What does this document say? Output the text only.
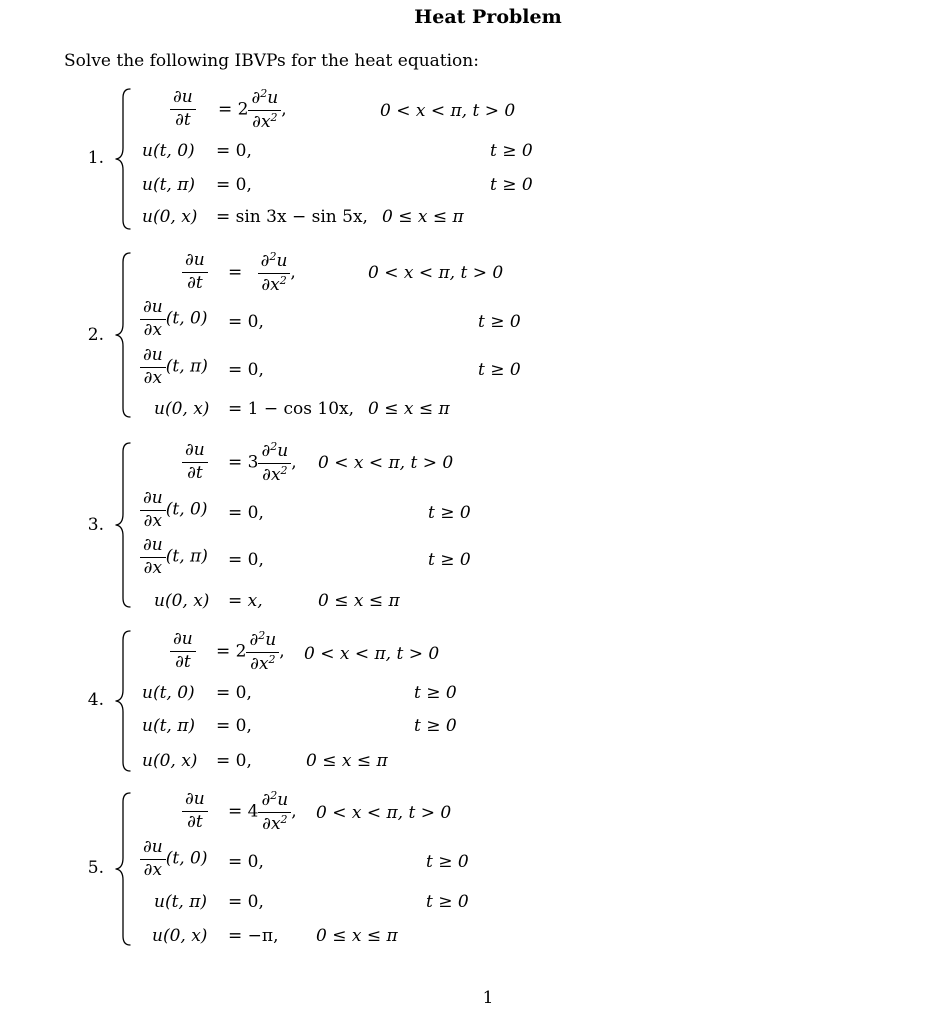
Heat Problem
Solve the following IBVPs for the heat equation:
1.
$\frac{\partial u}{\partial t} = 2 \frac{\partial^2u}{\partial x^2}$ ,	0 < x < π, t > 0
u(t, 0) = 0,	t ≥ 0
u(t, π) = 0,	t ≥ 0
u(0, x) = sin 3x − sin 5x, 0 ≤ x ≤ π
2.
$\frac{\partial u}{\partial t} = \frac{\partial^2u}{\partial x^2}$ ,	0 < x < π, t > 0
$\frac{\partial u}{\partial x} (t$, 0) = 0,	t ≥ 0
$\frac{\partial u}{\partial x} (t$, π) = 0,	t ≥ 0
u(0, x) = 1 − cos 10x, 0 ≤ x ≤ π
3.
$\frac{\partial u}{\partial t} = 3 \frac{\partial^2u}{\partial x^2}$ , 0 < x < π, t > 0
$\frac{\partial u}{\partial x} (t$, 0) = 0,	t ≥ 0
$\frac{\partial u}{\partial x} (t$, π) = 0,	t ≥ 0
u(0, x) = x,	0 ≤ x ≤ π
4.
$\frac{\partial u}{\partial t} = 2 \frac{\partial^2u}{\partial x^2}$ , 0 < x < π, t > 0
u(t, 0) = 0,	t ≥ 0
u(t, π) = 0,	t ≥ 0
u(0, x) = 0,	0 ≤ x ≤ π
5.
$\frac{\partial u}{\partial t} = 4 \frac{\partial^2u}{\partial x^2}$ , 0 < x < π, t > 0
$\frac{\partial u}{\partial x} (t$, 0) = 0,	t ≥ 0
u(t, π) = 0,	t ≥ 0
u(0, x) = −π, 0 ≤ x ≤ π
1
